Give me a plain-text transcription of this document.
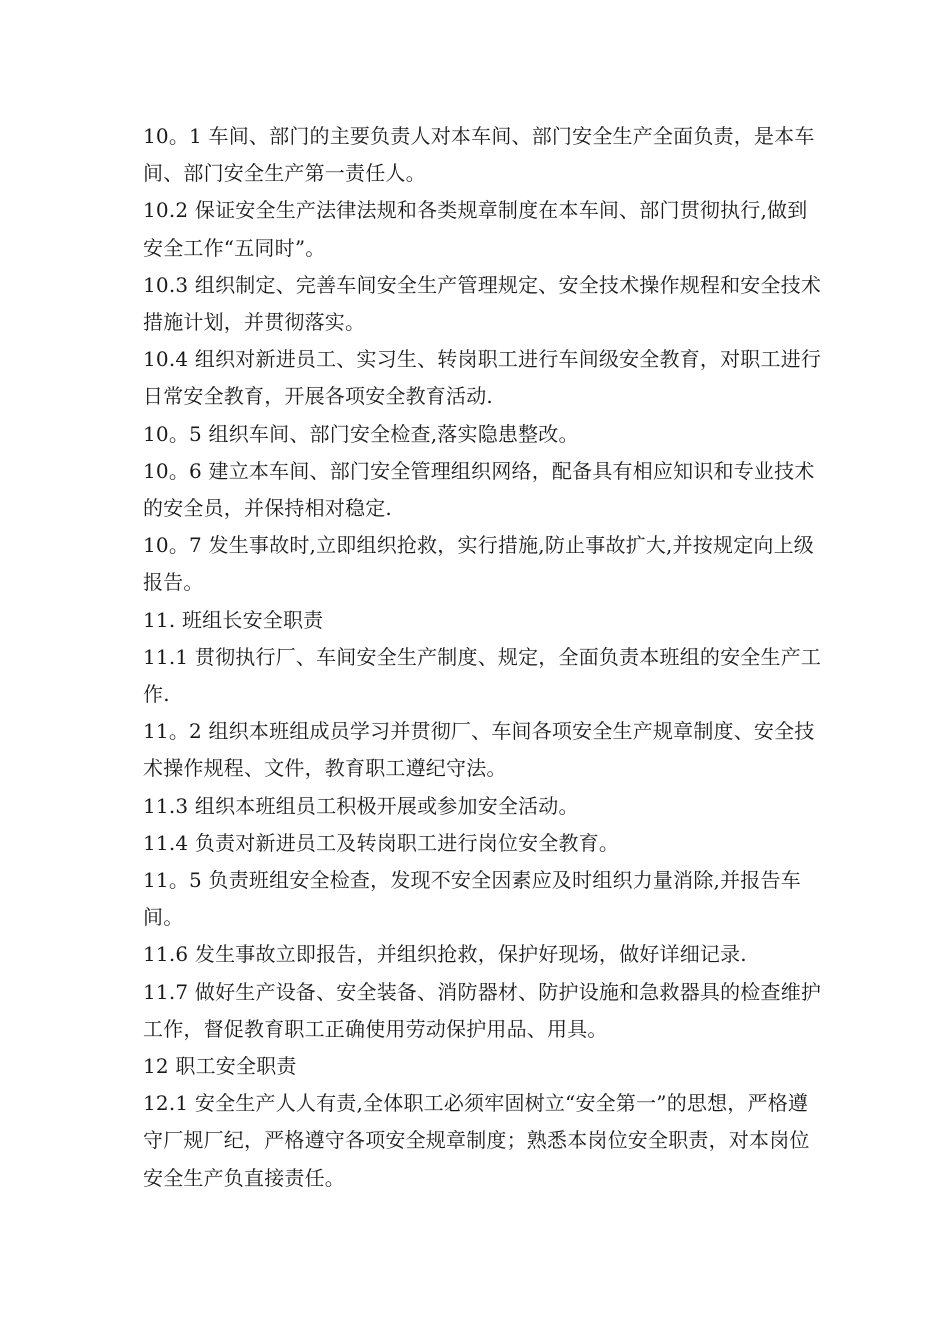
10。1 车间、部门的主要负责人对本车间、部门安全生产全面负责，是本车间、部门安全生产第一责任人。

10.2 保证安全生产法律法规和各类规章制度在本车间、部门贯彻执行,做到安全工作“五同时”。

10.3 组织制定、完善车间安全生产管理规定、安全技术操作规程和安全技术措施计划，并贯彻落实。

10.4 组织对新进员工、实习生、转岗职工进行车间级安全教育，对职工进行日常安全教育，开展各项安全教育活动.

10。5 组织车间、部门安全检查,落实隐患整改。

10。6 建立本车间、部门安全管理组织网络，配备具有相应知识和专业技术的安全员，并保持相对稳定.

10。7 发生事故时,立即组织抢救，实行措施,防止事故扩大,并按规定向上级报告。

11. 班组长安全职责

11.1 贯彻执行厂、车间安全生产制度、规定，全面负责本班组的安全生产工作.

11。2 组织本班组成员学习并贯彻厂、车间各项安全生产规章制度、安全技术操作规程、文件，教育职工遵纪守法。

11.3 组织本班组员工积极开展或参加安全活动。

11.4 负责对新进员工及转岗职工进行岗位安全教育。

11。5 负责班组安全检查，发现不安全因素应及时组织力量消除,并报告车间。

11.6 发生事故立即报告，并组织抢救，保护好现场，做好详细记录.

11.7 做好生产设备、安全装备、消防器材、防护设施和急救器具的检查维护工作，督促教育职工正确使用劳动保护用品、用具。

12 职工安全职责

12.1 安全生产人人有责,全体职工必须牢固树立“安全第一”的思想，严格遵守厂规厂纪，严格遵守各项安全规章制度；熟悉本岗位安全职责，对本岗位安全生产负直接责任。
